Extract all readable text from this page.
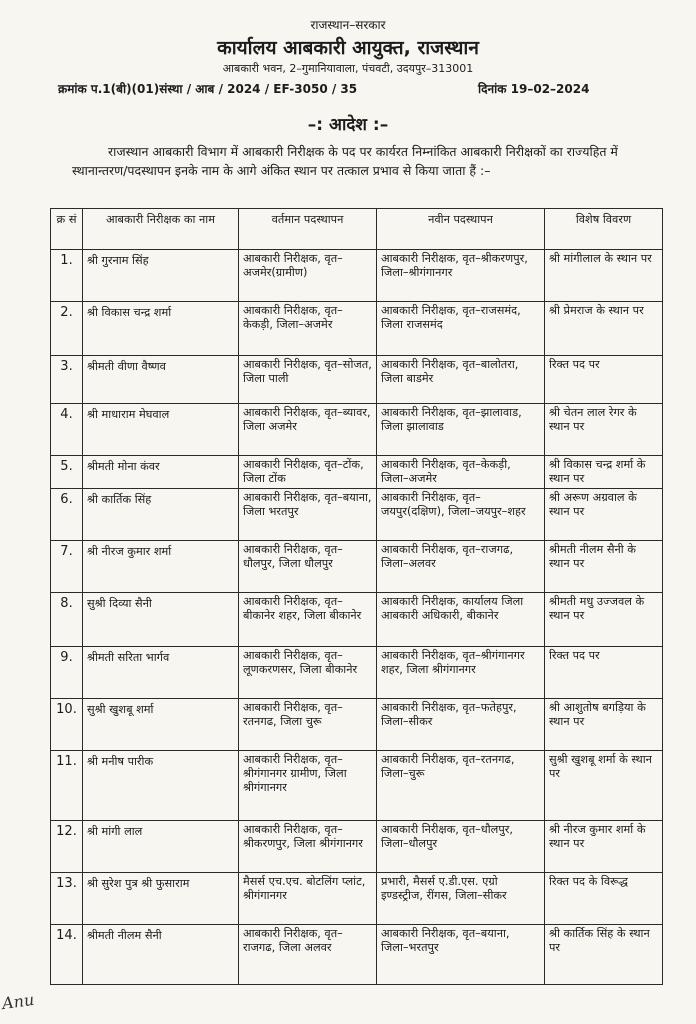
राजस्थान–सरकार
कार्यालय आबकारी आयुक्त, राजस्थान
आबकारी भवन, 2–गुमानियावाला, पंचवटी, उदयपुर–313001
क्रमांक प.1(बी)(01)संस्था / आब / 2024 / EF-3050 / 35	दिनांक 19–02–2024
–: आदेश :–
राजस्थान आबकारी विभाग में आबकारी निरीक्षक के पद पर कार्यरत निम्नांकित आबकारी निरीक्षकों का राज्यहित में स्थानान्तरण/पदस्थापन इनके नाम के आगे अंकित स्थान पर तत्काल प्रभाव से किया जाता हैं :–
क्र सं	आबकारी निरीक्षक का नाम	वर्तमान पदस्थापन	नवीन पदस्थापन	विशेष विवरण
1.	श्री गुरनाम सिंह	आबकारी निरीक्षक, वृत–अजमेर(ग्रामीण)	आबकारी निरीक्षक, वृत–श्रीकरणपुर, जिला–श्रीगंगानगर	श्री मांगीलाल के स्थान पर
2.	श्री विकास चन्द्र शर्मा	आबकारी निरीक्षक, वृत–केकड़ी, जिला–अजमेर	आबकारी निरीक्षक, वृत–राजसमंद, जिला राजसमंद	श्री प्रेमराज के स्थान पर
3.	श्रीमती वीणा वैष्णव	आबकारी निरीक्षक, वृत–सोजत, जिला पाली	आबकारी निरीक्षक, वृत–बालोतरा, जिला बाडमेर	रिक्त पद पर
4.	श्री माधाराम मेघवाल	आबकारी निरीक्षक, वृत–ब्यावर, जिला अजमेर	आबकारी निरीक्षक, वृत–झालावाड, जिला झालावाड	श्री चेतन लाल रेगर के स्थान पर
5.	श्रीमती मोना कंवर	आबकारी निरीक्षक, वृत–टोंक, जिला टोंक	आबकारी निरीक्षक, वृत–केकड़ी, जिला–अजमेर	श्री विकास चन्द्र शर्मा के स्थान पर
6.	श्री कार्तिक सिंह	आबकारी निरीक्षक, वृत–बयाना, जिला भरतपुर	आबकारी निरीक्षक, वृत–जयपुर(दक्षिण), जिला–जयपुर–शहर	श्री अरूण अग्रवाल के स्थान पर
7.	श्री नीरज कुमार शर्मा	आबकारी निरीक्षक, वृत–धौलपुर, जिला धौलपुर	आबकारी निरीक्षक, वृत–राजगढ, जिला–अलवर	श्रीमती नीलम सैनी के स्थान पर
8.	सुश्री दिव्या सैनी	आबकारी निरीक्षक, वृत–बीकानेर शहर, जिला बीकानेर	आबकारी निरीक्षक, कार्यालय जिला आबकारी अधिकारी, बीकानेर	श्रीमती मधु उज्जवल के स्थान पर
9.	श्रीमती सरिता भार्गव	आबकारी निरीक्षक, वृत–लूणकरणसर, जिला बीकानेर	आबकारी निरीक्षक, वृत–श्रीगंगानगर शहर, जिला श्रीगंगानगर	रिक्त पद पर
10.	सुश्री खुशबू शर्मा	आबकारी निरीक्षक, वृत–रतनगढ, जिला चुरू	आबकारी निरीक्षक, वृत–फतेहपुर, जिला–सीकर	श्री आशुतोष बगड़िया के स्थान पर
11.	श्री मनीष पारीक	आबकारी निरीक्षक, वृत–श्रीगंगानगर ग्रामीण, जिला श्रीगंगानगर	आबकारी निरीक्षक, वृत–रतनगढ, जिला–चुरू	सुश्री खुशबू शर्मा के स्थान पर
12.	श्री मांगी लाल	आबकारी निरीक्षक, वृत–श्रीकरणपुर, जिला श्रीगंगानगर	आबकारी निरीक्षक, वृत–धौलपुर, जिला–धौलपुर	श्री नीरज कुमार शर्मा के स्थान पर
13.	श्री सुरेश पुत्र श्री फुसाराम	मैसर्स एच.एच. बोटलिंग प्लांट, श्रीगंगानगर	प्रभारी, मैसर्स ए.डी.एस. एग्रो इण्डस्ट्रीज, रींगस, जिला–सीकर	रिक्त पद के विरूद्ध
14.	श्रीमती नीलम सैनी	आबकारी निरीक्षक, वृत–राजगढ, जिला अलवर	आबकारी निरीक्षक, वृत–बयाना, जिला–भरतपुर	श्री कार्तिक सिंह के स्थान पर
Anu
